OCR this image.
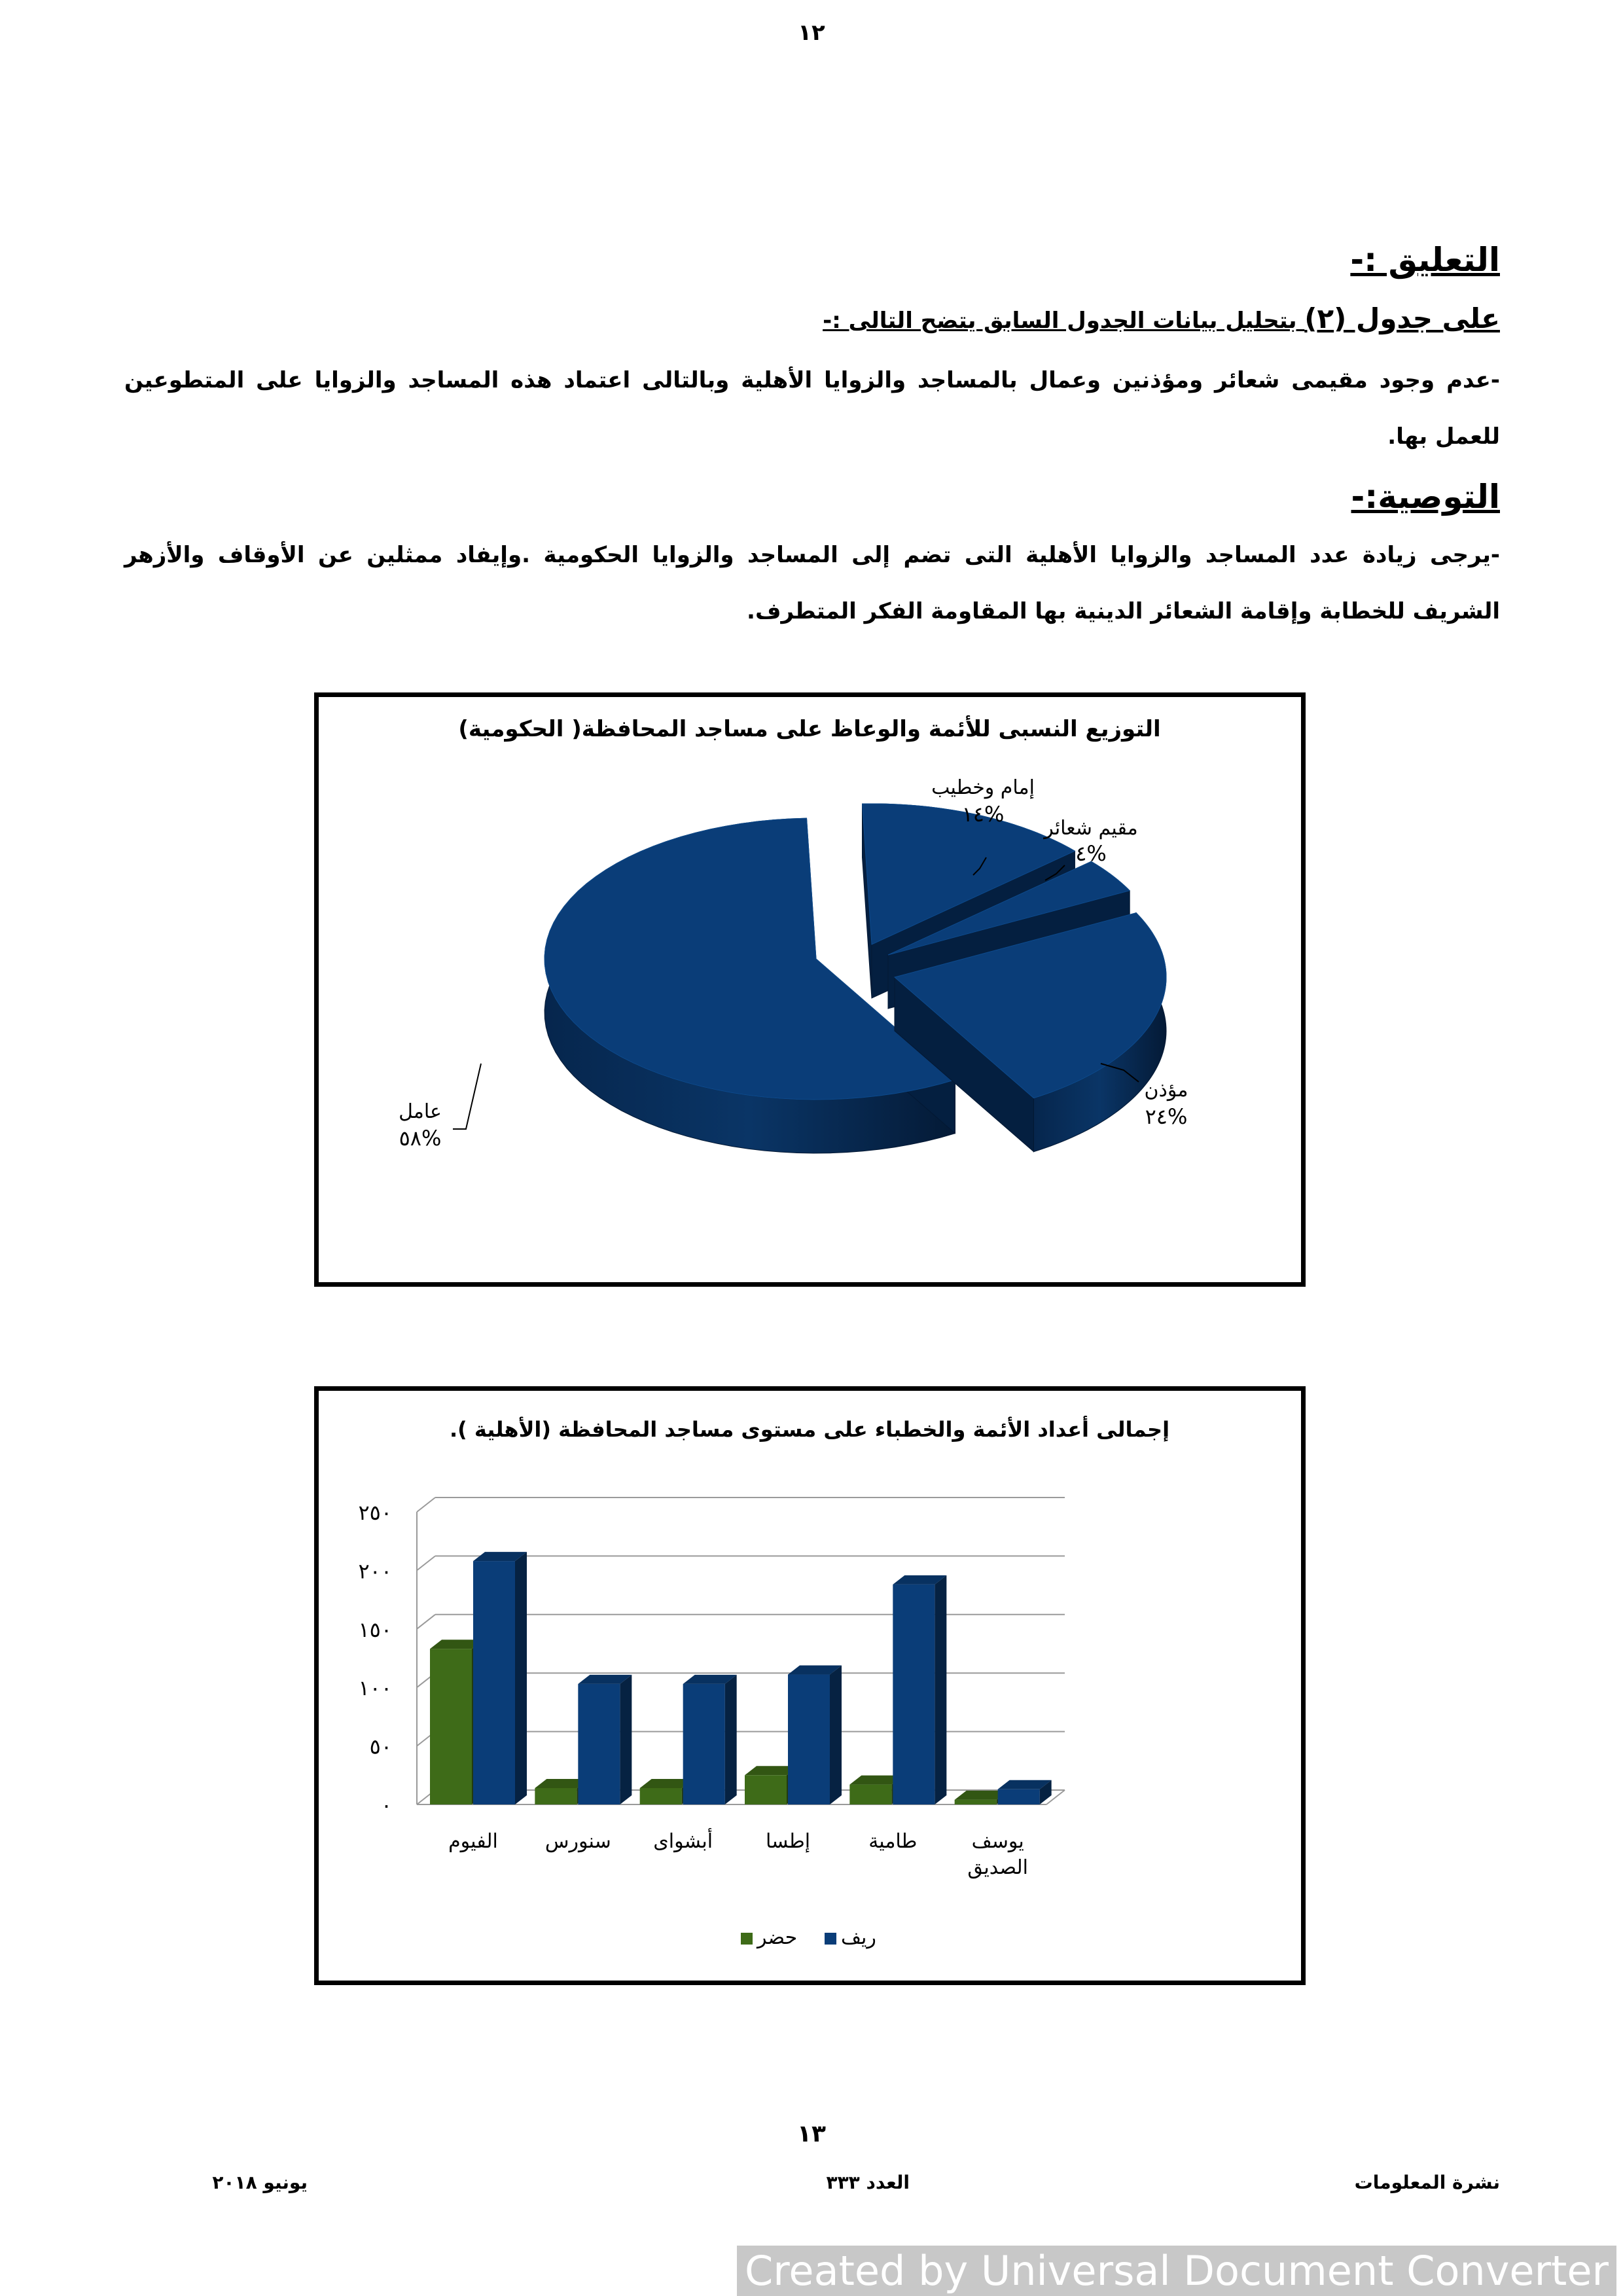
١٢
التعليق :-
على جدول (٢) بتحليل بيانات الجدول السابق يتضح التالى :-
-عدم وجود مقيمى شعائر ومؤذنين وعمال بالمساجد والزوايا الأهلية وبالتالى اعتماد هذه المساجد والزوايا على المتطوعين للعمل بها.
التوصية:-
-يرجى زيادة عدد المساجد والزوايا الأهلية التى تضم إلى المساجد والزوايا الحكومية .وإيفاد ممثلين عن الأوقاف والأزهر الشريف للخطابة وإقامة الشعائر الدينية بها المقاومة الفكر المتطرف.
التوزيع النسبى للأئمة والوعاظ على مساجد المحافظة( الحكومية)
إمام وخطيب
١٤%
مقيم شعائر
٤%
مؤذن
٢٤%
عامل
٥٨%
إجمالى أعداد الأئمة والخطباء على مستوى مساجد المحافظة (الأهلية ).
٠
٥٠
١٠٠
١٥٠
٢٠٠
٢٥٠
الفيوم سنورس أبشواى	إطسا	طامية	يوسف الصديق
ريف
حضر
١٣
يونيو ٢٠١٨	العدد ٣٣٣	نشرة المعلومات
Created by Universal Document Converter
